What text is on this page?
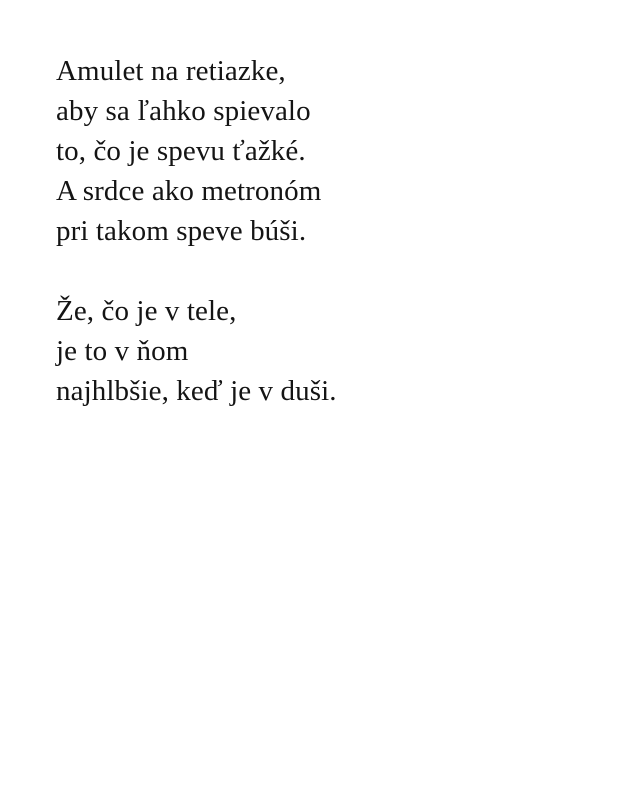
Amulet na retiazke,
aby sa ľahko spievalo
to, čo je spevu ťažké.
A srdce ako metronóm
pri takom speve búši.
Že, čo je v tele,
je to v ňom
najhlbšie, keď je v duši.
